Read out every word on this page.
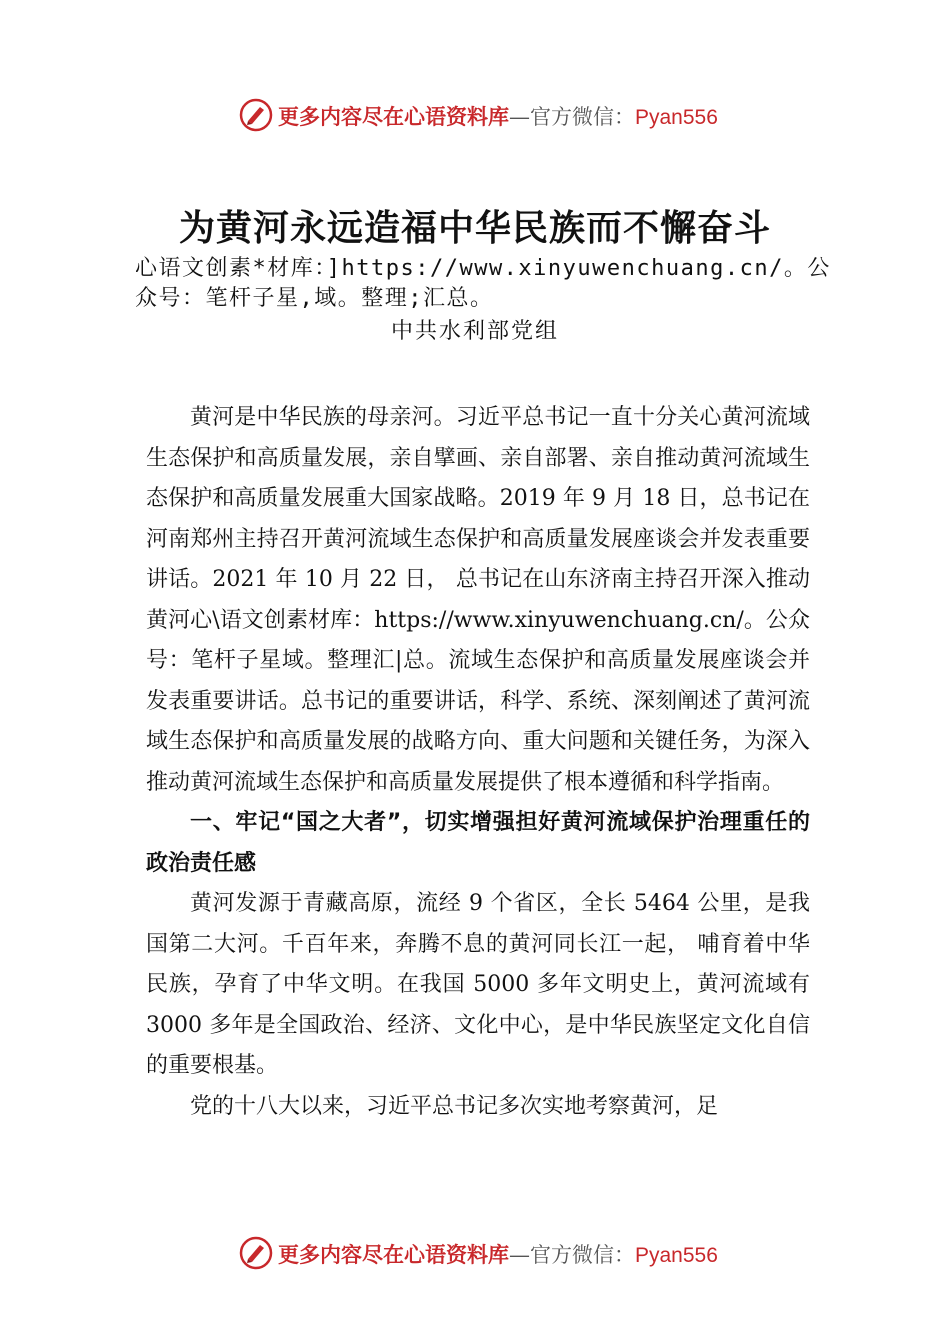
更多内容尽在心语资料库—官方微信：Pyan556
为黄河永远造福中华民族而不懈奋斗
心语文创素*材库：]https://www.xinyuwenchuang.cn/。公众号：笔杆子星,域。整理;汇总。
中共水利部党组

黄河是中华民族的母亲河。习近平总书记一直十分关心黄河流域生态保护和高质量发展，亲自擘画、亲自部署、亲自推动黄河流域生态保护和高质量发展重大国家战略。2019 年 9 月 18 日，总书记在河南郑州主持召开黄河流域生态保护和高质量发展座谈会并发表重要讲话。2021 年 10 月 22 日， 总书记在山东济南主持召开深入推动黄河心\语文创素材库：https://www.xinyuwenchuang.cn/。公众号：笔杆子星域。整理汇|总。流域生态保护和高质量发展座谈会并发表重要讲话。总书记的重要讲话，科学、系统、深刻阐述了黄河流域生态保护和高质量发展的战略方向、重大问题和关键任务，为深入推动黄河流域生态保护和高质量发展提供了根本遵循和科学指南。

一、牢记“国之大者”，切实增强担好黄河流域保护治理重任的政治责任感

黄河发源于青藏高原，流经 9 个省区，全长 5464 公里，是我国第二大河。千百年来，奔腾不息的黄河同长江一起， 哺育着中华民族，孕育了中华文明。在我国 5000 多年文明史上，黄河流域有 3000 多年是全国政治、经济、文化中心，是中华民族坚定文化自信的重要根基。

党的十八大以来，习近平总书记多次实地考察黄河，足

更多内容尽在心语资料库—官方微信：Pyan556
